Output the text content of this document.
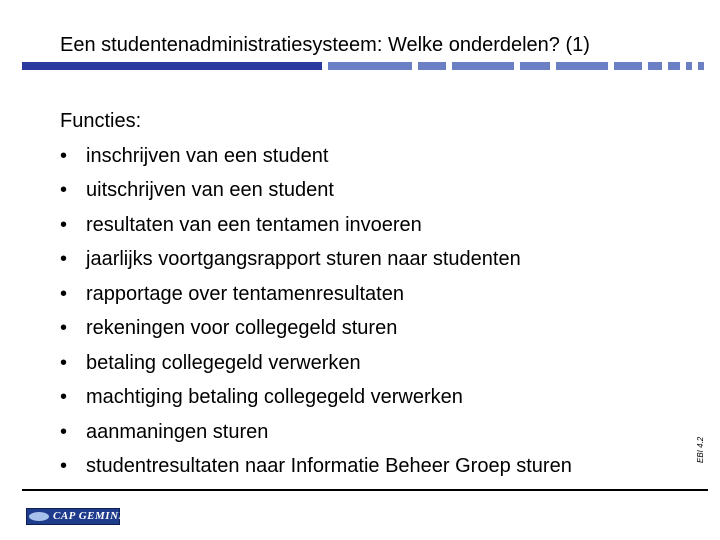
Een studentenadministratiesysteem: Welke onderdelen? (1)
Functies:
• inschrijven van een student
• uitschrijven van een student
• resultaten van een tentamen invoeren
• jaarlijks voortgangsrapport sturen naar studenten
• rapportage over tentamenresultaten
• rekeningen voor collegegeld sturen
• betaling collegegeld verwerken
• machtiging betaling collegegeld verwerken
• aanmaningen sturen
• studentresultaten naar Informatie Beheer Groep sturen
EBI 4.2
CAP GEMINI
